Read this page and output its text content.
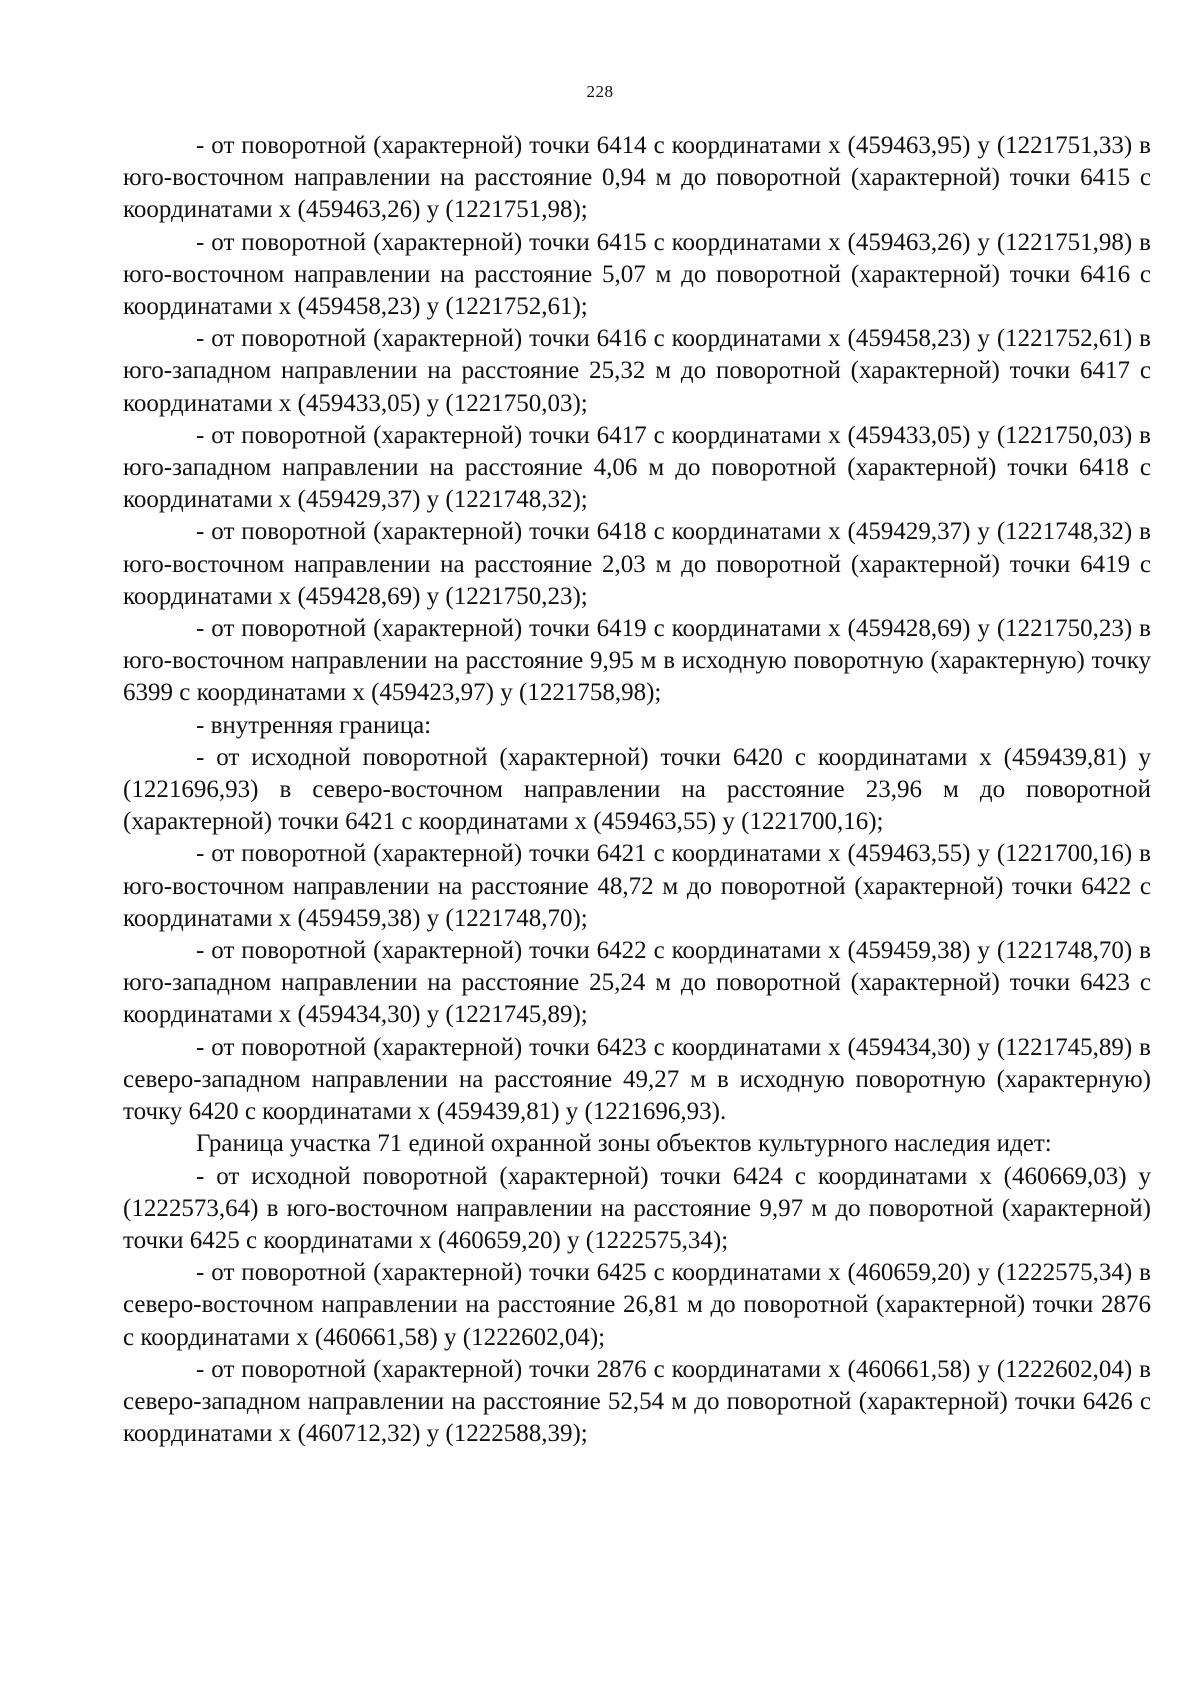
228

- от поворотной (характерной) точки 6414 с координатами х (459463,95) у (1221751,33) в юго-восточном направлении на расстояние 0,94 м до поворотной (характерной) точки 6415 с координатами х (459463,26) у (1221751,98);

- от поворотной (характерной) точки 6415 с координатами х (459463,26) у (1221751,98) в юго-восточном направлении на расстояние 5,07 м до поворотной (характерной) точки 6416 с координатами х (459458,23) у (1221752,61);

- от поворотной (характерной) точки 6416 с координатами х (459458,23) у (1221752,61) в юго-западном направлении на расстояние 25,32 м до поворотной (характерной) точки 6417 с координатами х (459433,05) у (1221750,03);

- от поворотной (характерной) точки 6417 с координатами х (459433,05) у (1221750,03) в юго-западном направлении на расстояние 4,06 м до поворотной (характерной) точки 6418 с координатами х (459429,37) у (1221748,32);

- от поворотной (характерной) точки 6418 с координатами х (459429,37) у (1221748,32) в юго-восточном направлении на расстояние 2,03 м до поворотной (характерной) точки 6419 с координатами х (459428,69) у (1221750,23);

- от поворотной (характерной) точки 6419 с координатами х (459428,69) у (1221750,23) в юго-восточном направлении на расстояние 9,95 м в исходную поворотную (характерную) точку 6399 с координатами х (459423,97) у (1221758,98);

- внутренняя граница:

- от исходной поворотной (характерной) точки 6420 с координатами х (459439,81) у (1221696,93) в северо-восточном направлении на расстояние 23,96 м до поворотной (характерной) точки 6421 с координатами х (459463,55) у (1221700,16);

- от поворотной (характерной) точки 6421 с координатами х (459463,55) у (1221700,16) в юго-восточном направлении на расстояние 48,72 м до поворотной (характерной) точки 6422 с координатами х (459459,38) у (1221748,70);

- от поворотной (характерной) точки 6422 с координатами х (459459,38) у (1221748,70) в юго-западном направлении на расстояние 25,24 м до поворотной (характерной) точки 6423 с координатами х (459434,30) у (1221745,89);

- от поворотной (характерной) точки 6423 с координатами х (459434,30) у (1221745,89) в северо-западном направлении на расстояние 49,27 м в исходную поворотную (характерную) точку 6420 с координатами х (459439,81) у (1221696,93).

Граница участка 71 единой охранной зоны объектов культурного наследия идет:

- от исходной поворотной (характерной) точки 6424 с координатами х (460669,03) у (1222573,64) в юго-восточном направлении на расстояние 9,97 м до поворотной (характерной) точки 6425 с координатами х (460659,20) у (1222575,34);

- от поворотной (характерной) точки 6425 с координатами х (460659,20) у (1222575,34) в северо-восточном направлении на расстояние 26,81 м до поворотной (характерной) точки 2876 с координатами х (460661,58) у (1222602,04);

- от поворотной (характерной) точки 2876 с координатами х (460661,58) у (1222602,04) в северо-западном направлении на расстояние 52,54 м до поворотной (характерной) точки 6426 с координатами х (460712,32) у (1222588,39);
